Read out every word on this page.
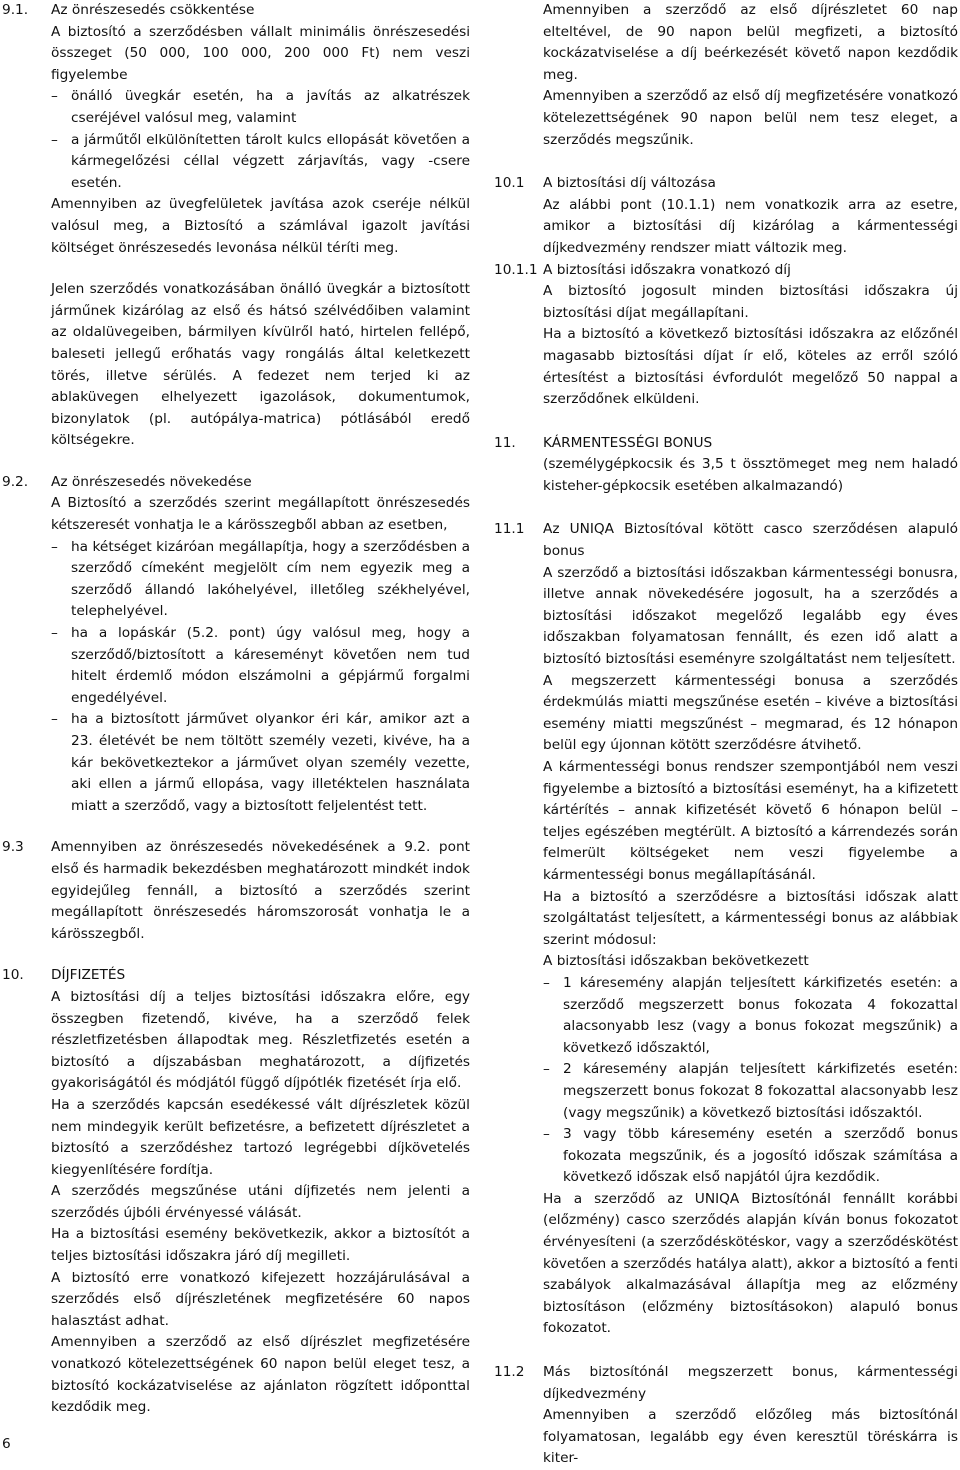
9.1. Az önrészesedés csökkentése

A biztosító a szerződésben vállalt minimális önrészesedési összeget (50 000, 100 000, 200 000 Ft) nem veszi figyelembe

– önálló üvegkár esetén, ha a javítás az alkatrészek cseréjével valósul meg, valamint

– a járműtől elkülönítetten tárolt kulcs ellopását követően a kármegelőzési céllal végzett zárjavítás, vagy -csere esetén.

Amennyiben az üvegfelületek javítása azok cseréje nélkül valósul meg, a Biztosító a számlával igazolt javítási költséget önrészesedés levonása nélkül téríti meg.

Jelen szerződés vonatkozásában önálló üvegkár a biztosított járműnek kizárólag az első és hátsó szélvédőiben valamint az oldalüvegeiben, bármilyen kívülről ható, hirtelen fellépő, baleseti jellegű erőhatás vagy rongálás által keletkezett törés, illetve sérülés. A fedezet nem terjed ki az ablaküvegen elhelyezett igazolások, dokumentumok, bizonylatok (pl. autópálya-matrica) pótlásából eredő költségekre.

9.2. Az önrészesedés növekedése

A Biztosító a szerződés szerint megállapított önrészesedés kétszeresét vonhatja le a kárösszegből abban az esetben,

– ha kétséget kizáróan megállapítja, hogy a szerződésben a szerződő címeként megjelölt cím nem egyezik meg a szerződő állandó lakóhelyével, illetőleg székhelyével, telephelyével.

– ha a lopáskár (5.2. pont) úgy valósul meg, hogy a szerződő/biztosított a káreseményt követően nem tud hitelt érdemlő módon elszámolni a gépjármű forgalmi engedélyével.

– ha a biztosított járművet olyankor éri kár, amikor azt a 23. életévét be nem töltött személy vezeti, kivéve, ha a kár bekövetkeztekor a járművet olyan személy vezette, aki ellen a jármű ellopása, vagy illetéktelen használata miatt a szerződő, vagy a biztosított feljelentést tett.

9.3 Amennyiben az önrészesedés növekedésének a 9.2. pont első és harmadik bekezdésben meghatározott mindkét indok egyidejűleg fennáll, a biztosító a szerződés szerint megállapított önrészesedés háromszorosát vonhatja le a kárösszegből.

10. DÍJFIZETÉS

A biztosítási díj a teljes biztosítási időszakra előre, egy összegben fizetendő, kivéve, ha a szerződő felek részletfizetésben állapodtak meg. Részletfizetés esetén a biztosító a díjszabásban meghatározott, a díjfizetés gyakoriságától és módjától függő díjpótlék fizetését írja elő.

Ha a szerződés kapcsán esedékessé vált díjrészletek közül nem mindegyik került befizetésre, a befizetett díjrészletet a biztosító a szerződéshez tartozó legrégebbi díjkövetelés kiegyenlítésére fordítja.

A szerződés megszűnése utáni díjfizetés nem jelenti a szerződés újbóli érvényessé válását.

Ha a biztosítási esemény bekövetkezik, akkor a biztosítót a teljes biztosítási időszakra járó díj megilleti.

A biztosító erre vonatkozó kifejezett hozzájárulásával a szerződés első díjrészletének megfizetésére 60 napos halasztást adhat.

Amennyiben a szerződő az első díjrészlet megfizetésére vonatkozó kötelezettségének 60 napon belül eleget tesz, a biztosító kockázatviselése az ajánlaton rögzített időponttal kezdődik meg.

Amennyiben a szerződő az első díjrészletet 60 nap elteltével, de 90 napon belül megfizeti, a biztosító kockázatviselése a díj beérkezését követő napon kezdődik meg.

Amennyiben a szerződő az első díj megfizetésére vonatkozó kötelezettségének 90 napon belül nem tesz eleget, a szerződés megszűnik.

10.1 A biztosítási díj változása

Az alábbi pont (10.1.1) nem vonatkozik arra az esetre, amikor a biztosítási díj kizárólag a kármentességi díjkedvezmény rendszer miatt változik meg.

10.1.1 A biztosítási időszakra vonatkozó díj

A biztosító jogosult minden biztosítási időszakra új biztosítási díjat megállapítani.

Ha a biztosító a következő biztosítási időszakra az előzőnél magasabb biztosítási díjat ír elő, köteles az erről szóló értesítést a biztosítási évfordulót megelőző 50 nappal a szerződőnek elküldeni.

11. KÁRMENTESSÉGI BONUS

(személygépkocsik és 3,5 t össztömeget meg nem haladó kisteher-gépkocsik esetében alkalmazandó)

11.1 Az UNIQA Biztosítóval kötött casco szerződésen alapuló bonus

A szerződő a biztosítási időszakban kármentességi bonusra, illetve annak növekedésére jogosult, ha a szerződés a biztosítási időszakot megelőző legalább egy éves időszakban folyamatosan fennállt, és ezen idő alatt a biztosító biztosítási eseményre szolgáltatást nem teljesített.

A megszerzett kármentességi bonusa a szerződés érdekmúlás miatti megszűnése esetén – kivéve a biztosítási esemény miatti megszűnést – megmarad, és 12 hónapon belül egy újonnan kötött szerződésre átvihető.

A kármentességi bonus rendszer szempontjából nem veszi figyelembe a biztosító a biztosítási eseményt, ha a kifizetett kártérítés – annak kifizetését követő 6 hónapon belül – teljes egészében megtérült. A biztosító a kárrendezés során felmerült költségeket nem veszi figyelembe a kármentességi bonus megállapításánál.

Ha a biztosító a szerződésre a biztosítási időszak alatt szolgáltatást teljesített, a kármentességi bonus az alábbiak szerint módosul:

A biztosítási időszakban bekövetkezett

– 1 káresemény alapján teljesített kárkifizetés esetén: a szerződő megszerzett bonus fokozata 4 fokozattal alacsonyabb lesz (vagy a bonus fokozat megszűnik) a következő időszaktól,

– 2 káresemény alapján teljesített kárkifizetés esetén: megszerzett bonus fokozat 8 fokozattal alacsonyabb lesz (vagy megszűnik) a következő biztosítási időszaktól.

– 3 vagy több káresemény esetén a szerződő bonus fokozata megszűnik, és a jogosító időszak számítása a következő időszak első napjától újra kezdődik.

Ha a szerződő az UNIQA Biztosítónál fennállt korábbi (előzmény) casco szerződés alapján kíván bonus fokozatot érvényesíteni (a szerződéskötéskor, vagy a szerződéskötést követően a szerződés hatálya alatt), akkor a biztosító a fenti szabályok alkalmazásával állapítja meg az előzmény biztosításon (előzmény biztosításokon) alapuló bonus fokozatot.

11.2 Más biztosítónál megszerzett bonus, kármentességi díjkedvezmény

Amennyiben a szerződő előzőleg más biztosítónál folyamatosan, legalább egy éven keresztül töréskárra is kiter-

6
